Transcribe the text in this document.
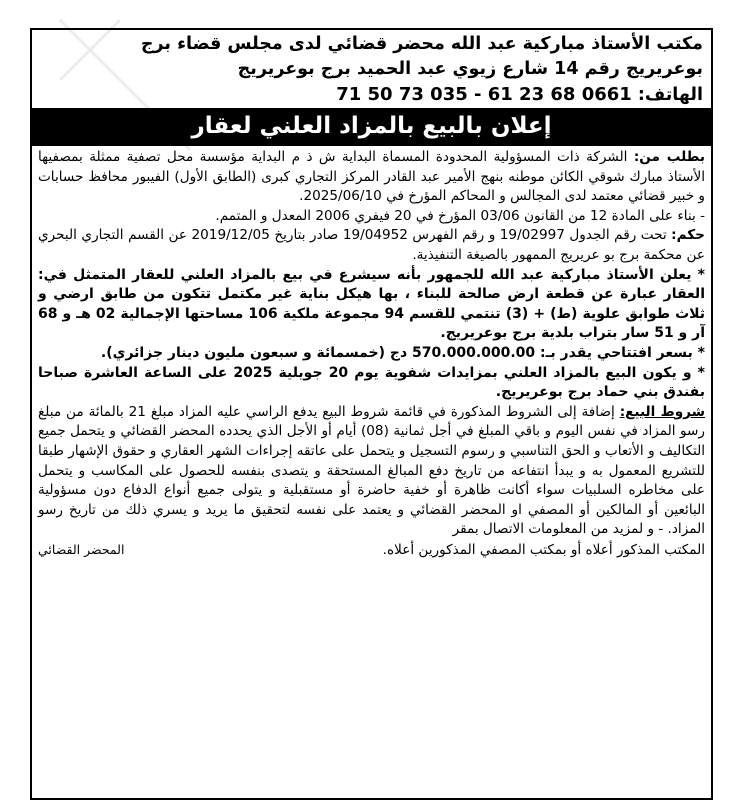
مكتب الأستاذ مباركية عبد الله محضر قضائي لدى مجلس قضاء برج
بوعريريج رقم 14 شارع زيوي عبد الحميد برج بوعريريج
الهاتف: 71 50 73 035 - 61 23 68 0661
إعلان بالبيع بالمزاد العلني لعقار

بطلب من: الشركة ذات المسؤولية المحدودة المسماة البداية ش ذ م البداية مؤسسة محل تصفية ممثلة بمصفيها الأستاذ مبارك شوقي الكائن موطنه بنهج الأمير عبد القادر المركز التجاري كبرى (الطابق الأول) الفيبور محافظ حسابات و خبير قضائي معتمد لدى المجالس و المحاكم المؤرخ في 2025/06/10.

- بناء على المادة 12 من القانون 03/06 المؤرخ في 20 فيفري 2006 المعدل و المتمم.

حكم: تحت رقم الجدول 19/02997 و رقم الفهرس 19/04952 صادر بتاريخ 2019/12/05 عن القسم التجاري البحري عن محكمة برج بو عريريج الممهور بالصيغة التنفيذية.

* يعلن الأستاذ مباركية عبد الله للجمهور بأنه سيشرع في بيع بالمزاد العلني للعقار المتمثل في: العقار عبارة عن قطعة ارض صالحة للبناء ، بها هيكل بناية غير مكتمل تتكون من طابق ارضي و ثلاث طوابق علوية (ط) + (3) تنتمي للقسم 94 مجموعة ملكية 106 مساحتها الإجمالية 02 هـ و 68 آر و 51 سار بتراب بلدية برج بوعريريج.

* بسعر افتتاحي يقدر بـ: 570.000.000.00 دج (خمسمائة و سبعون مليون دينار جزائري).

* و يكون البيع بالمزاد العلني بمزايدات شفوية يوم 20 جويلية 2025 على الساعة العاشرة صباحا بفندق بني حماد برج بوعريريج.

شروط البيع: إضافة إلى الشروط المذكورة في قائمة شروط البيع يدفع الراسي عليه المزاد مبلغ 21 بالمائة من مبلغ رسو المزاد في نفس اليوم و باقي المبلغ في أجل ثمانية (08) أيام أو الأجل الذي يحدده المحضر القضائي و يتحمل جميع التكاليف و الأتعاب و الحق التناسبي و رسوم التسجيل و يتحمل على عاتقه إجراءات الشهر العقاري و حقوق الإشهار طبقا للتشريع المعمول به و يبدأ انتفاعه من تاريخ دفع المبالغ المستحقة و يتصدى بنفسه للحصول على المكاسب و يتحمل على مخاطره السلبيات سواء أكانت ظاهرة أو خفية حاضرة أو مستقبلية و يتولى جميع أنواع الدفاع دون مسؤولية البائعين أو المالكين أو المصفي او المحضر القضائي و يعتمد على نفسه لتحقيق ما يريد و يسري ذلك من تاريخ رسو المزاد. - و لمزيد من المعلومات الاتصال بمقر

المكتب المذكور أعلاه أو بمكتب المصفي المذكورين أعلاه.
المحضر القضائي
